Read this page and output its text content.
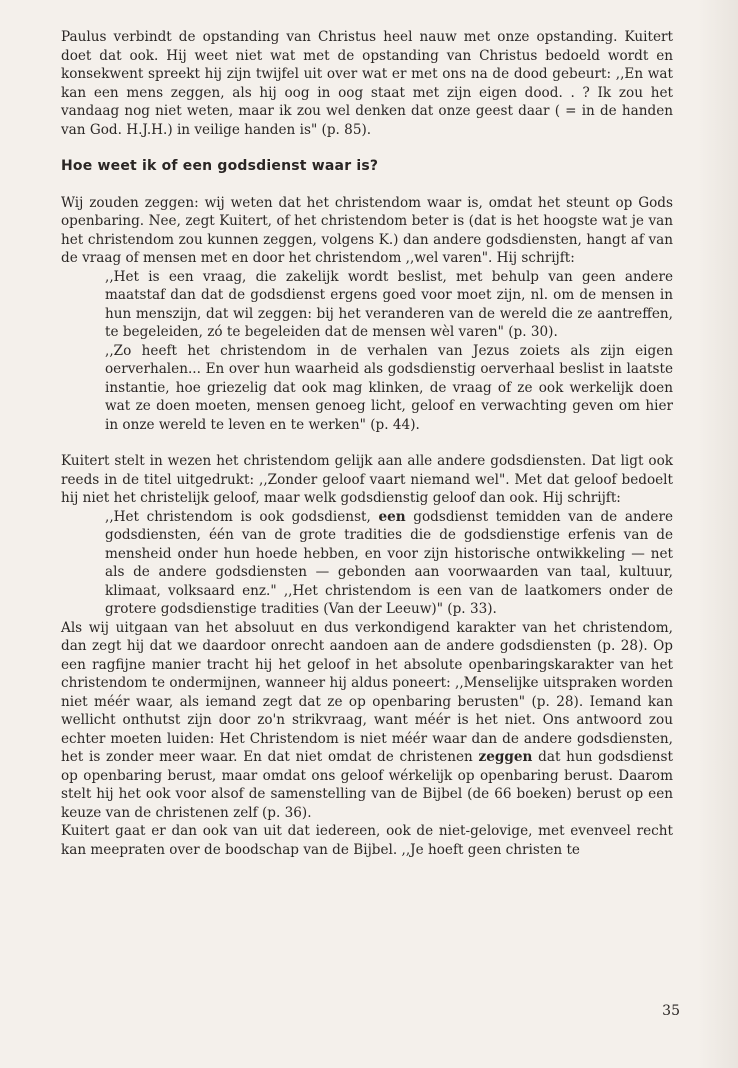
Paulus verbindt de opstanding van Christus heel nauw met onze opstanding. Kuitert doet dat ook. Hij weet niet wat met de opstanding van Christus bedoeld wordt en konsekwent spreekt hij zijn twijfel uit over wat er met ons na de dood gebeurt: ,,En wat kan een mens zeggen, als hij oog in oog staat met zijn eigen dood. . ? Ik zou het vandaag nog niet weten, maar ik zou wel denken dat onze geest daar ( = in de handen van God. H.J.H.) in veilige handen is" (p. 85).

Hoe weet ik of een godsdienst waar is?

Wij zouden zeggen: wij weten dat het christendom waar is, omdat het steunt op Gods openbaring. Nee, zegt Kuitert, of het christendom beter is (dat is het hoogste wat je van het christendom zou kunnen zeggen, volgens K.) dan andere godsdiensten, hangt af van de vraag of mensen met en door het christendom ,,wel varen". Hij schrijft:

,,Het is een vraag, die zakelijk wordt beslist, met behulp van geen andere maatstaf dan dat de godsdienst ergens goed voor moet zijn, nl. om de mensen in hun menszijn, dat wil zeggen: bij het veranderen van de wereld die ze aantreffen, te begeleiden, zó te begeleiden dat de mensen wèl varen" (p. 30).

,,Zo heeft het christendom in de verhalen van Jezus zoiets als zijn eigen oerverhalen... En over hun waarheid als godsdienstig oerverhaal beslist in laatste instantie, hoe griezelig dat ook mag klinken, de vraag of ze ook werkelijk doen wat ze doen moeten, mensen genoeg licht, geloof en verwachting geven om hier in onze wereld te leven en te werken" (p. 44).

Kuitert stelt in wezen het christendom gelijk aan alle andere godsdiensten. Dat ligt ook reeds in de titel uitgedrukt: ,,Zonder geloof vaart niemand wel". Met dat geloof bedoelt hij niet het christelijk geloof, maar welk godsdienstig geloof dan ook. Hij schrijft:

,,Het christendom is ook godsdienst, een godsdienst temidden van de andere godsdiensten, één van de grote tradities die de godsdienstige erfenis van de mensheid onder hun hoede hebben, en voor zijn historische ontwikkeling — net als de andere godsdiensten — gebonden aan voorwaarden van taal, kultuur, klimaat, volksaard enz." ,,Het christendom is een van de laatkomers onder de grotere godsdienstige tradities (Van der Leeuw)" (p. 33).

Als wij uitgaan van het absoluut en dus verkondigend karakter van het christendom, dan zegt hij dat we daardoor onrecht aandoen aan de andere godsdiensten (p. 28). Op een ragfijne manier tracht hij het geloof in het absolute openbaringskarakter van het christendom te ondermijnen, wanneer hij aldus poneert: ,,Menselijke uitspraken worden niet méér waar, als iemand zegt dat ze op openbaring berusten" (p. 28). Iemand kan wellicht onthutst zijn door zo'n strikvraag, want méér is het niet. Ons antwoord zou echter moeten luiden: Het Christendom is niet méér waar dan de andere godsdiensten, het is zonder meer waar. En dat niet omdat de christenen zeggen dat hun godsdienst op openbaring berust, maar omdat ons geloof wérkelijk op openbaring berust. Daarom stelt hij het ook voor alsof de samenstelling van de Bijbel (de 66 boeken) berust op een keuze van de christenen zelf (p. 36).

Kuitert gaat er dan ook van uit dat iedereen, ook de niet-gelovige, met evenveel recht kan meepraten over de boodschap van de Bijbel. ,,Je hoeft geen christen te

35
